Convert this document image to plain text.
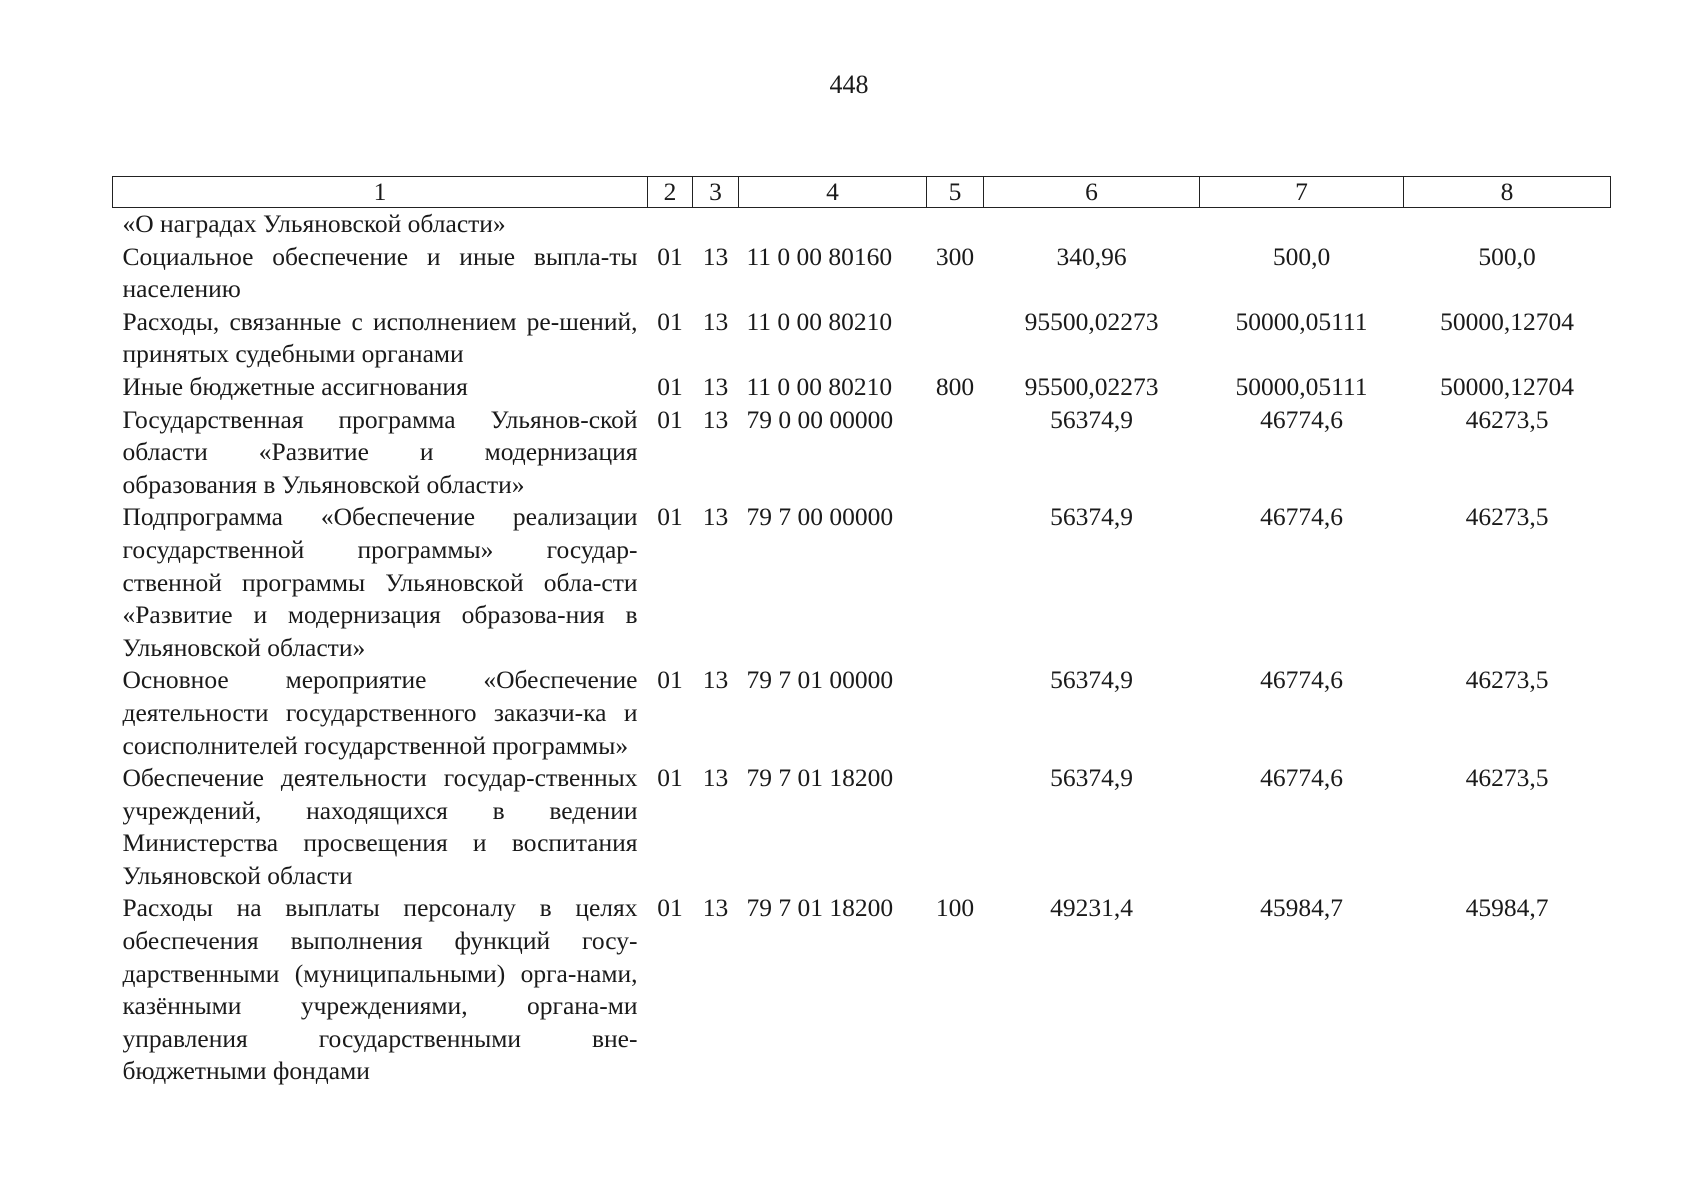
448
1	2	3	4	5	6	7	8
«О наградах Ульяновской области»							
Социальное обеспечение и иные выпла-ты населению	01	13	11 0 00 80160	300	340,96	500,0	500,0
Расходы, связанные с исполнением ре-шений, принятых судебными органами	01	13	11 0 00 80210		95500,02273	50000,05111	50000,12704
Иные бюджетные ассигнования	01	13	11 0 00 80210	800	95500,02273	50000,05111	50000,12704
Государственная программа Ульянов-ской области «Развитие и модернизация образования в Ульяновской области»	01	13	79 0 00 00000		56374,9	46774,6	46273,5
Подпрограмма «Обеспечение реализации государственной программы» государ-ственной программы Ульяновской обла-сти «Развитие и модернизация образова-ния в Ульяновской области»	01	13	79 7 00 00000		56374,9	46774,6	46273,5
Основное мероприятие «Обеспечение деятельности государственного заказчи-ка и соисполнителей государственной программы»	01	13	79 7 01 00000		56374,9	46774,6	46273,5
Обеспечение деятельности государ-ственных учреждений, находящихся в ведении Министерства просвещения и воспитания Ульяновской области	01	13	79 7 01 18200		56374,9	46774,6	46273,5
Расходы на выплаты персоналу в целях обеспечения выполнения функций госу-дарственными (муниципальными) орга-нами, казёнными учреждениями, органа-ми управления государственными вне-бюджетными фондами	01	13	79 7 01 18200	100	49231,4	45984,7	45984,7
